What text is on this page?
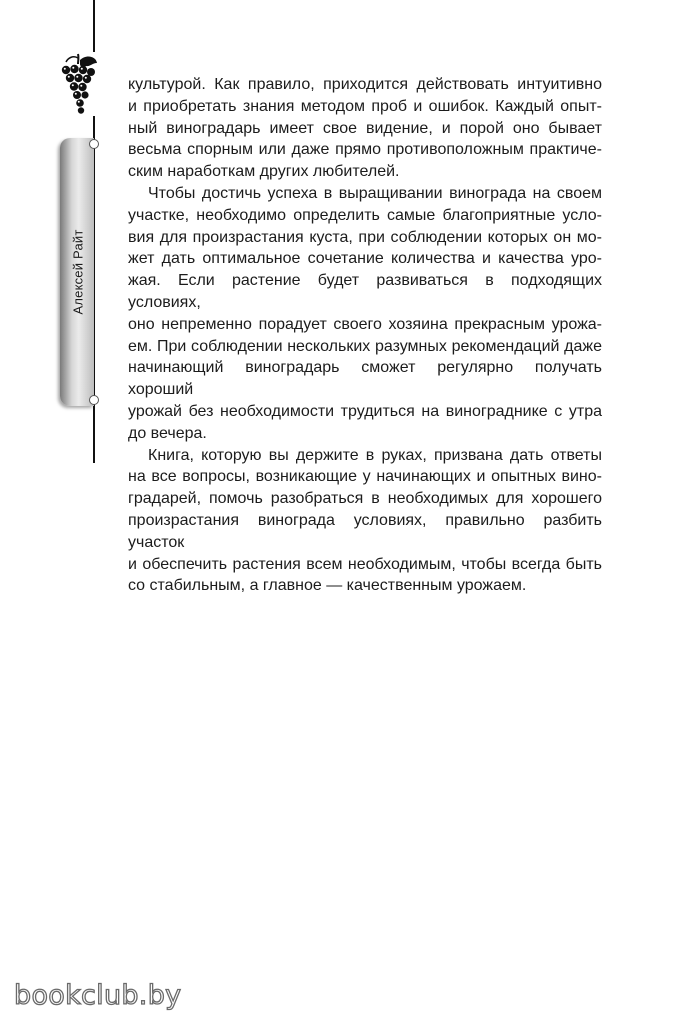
Алексей Райт

культурой. Как правило, приходится действовать интуитивно
и приобретать знания методом проб и ошибок. Каждый опыт-
ный виноградарь имеет свое видение, и порой оно бывает
весьма спорным или даже прямо противоположным практиче-
ским наработкам других любителей.

Чтобы достичь успеха в выращивании винограда на своем
участке, необходимо определить самые благоприятные усло-
вия для произрастания куста, при соблюдении которых он мо-
жет дать оптимальное сочетание количества и качества уро-
жая. Если растение будет развиваться в подходящих условиях,
оно непременно порадует своего хозяина прекрасным урожа-
ем. При соблюдении нескольких разумных рекомендаций даже
начинающий виноградарь сможет регулярно получать хороший
урожай без необходимости трудиться на винограднике с утра
до вечера.

Книга, которую вы держите в руках, призвана дать ответы
на все вопросы, возникающие у начинающих и опытных вино-
градарей, помочь разобраться в необходимых для хорошего
произрастания винограда условиях, правильно разбить участок
и обеспечить растения всем необходимым, чтобы всегда быть
со стабильным, а главное — качественным урожаем.

bookclub.by
